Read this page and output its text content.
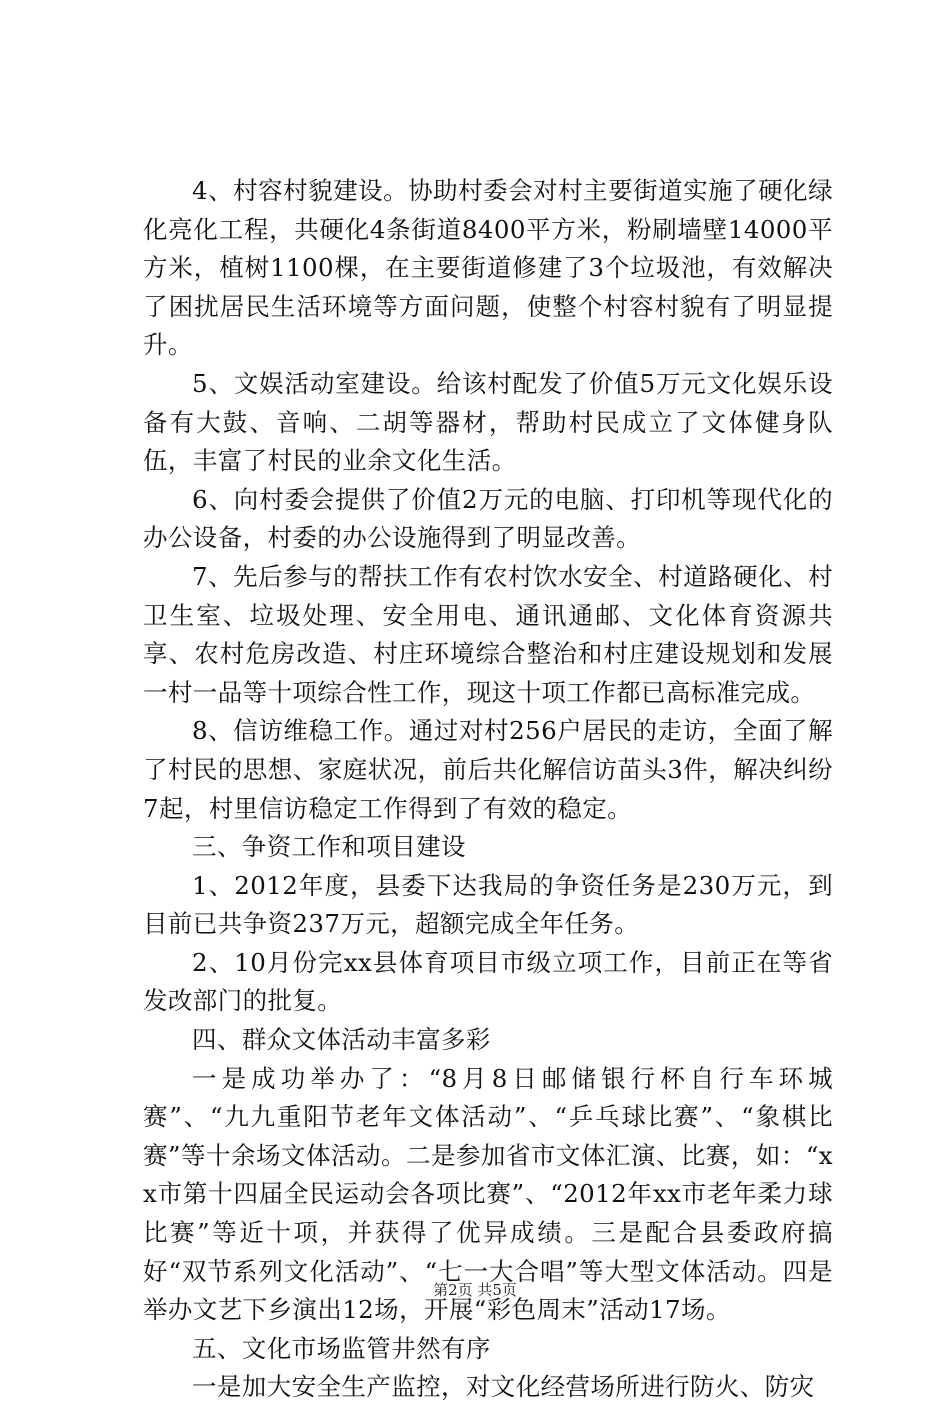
4、村容村貌建设。协助村委会对村主要街道实施了硬化绿化亮化工程，共硬化4条街道8400平方米，粉刷墙壁14000平方米，植树1100棵，在主要街道修建了3个垃圾池，有效解决了困扰居民生活环境等方面问题，使整个村容村貌有了明显提升。

5、文娱活动室建设。给该村配发了价值5万元文化娱乐设备有大鼓、音响、二胡等器材，帮助村民成立了文体健身队伍，丰富了村民的业余文化生活。

6、向村委会提供了价值2万元的电脑、打印机等现代化的办公设备，村委的办公设施得到了明显改善。

7、先后参与的帮扶工作有农村饮水安全、村道路硬化、村卫生室、垃圾处理、安全用电、通讯通邮、文化体育资源共享、农村危房改造、村庄环境综合整治和村庄建设规划和发展一村一品等十项综合性工作，现这十项工作都已高标准完成。

8、信访维稳工作。通过对村256户居民的走访，全面了解了村民的思想、家庭状况，前后共化解信访苗头3件，解决纠纷7起，村里信访稳定工作得到了有效的稳定。

三、争资工作和项目建设

1、2012年度，县委下达我局的争资任务是230万元，到目前已共争资237万元，超额完成全年任务。

2、10月份完xx县体育项目市级立项工作，目前正在等省发改部门的批复。

四、群众文体活动丰富多彩

一是成功举办了：“8月8日邮储银行杯自行车环城赛”、“九九重阳节老年文体活动”、“乒乓球比赛”、“象棋比赛”等十余场文体活动。二是参加省市文体汇演、比赛，如：“xx市第十四届全民运动会各项比赛”、“2012年xx市老年柔力球比赛”等近十项，并获得了优异成绩。三是配合县委政府搞好“双节系列文化活动”、“七一大合唱”等大型文体活动。四是举办文艺下乡演出12场，开展“彩色周末”活动17场。

五、文化市场监管井然有序

一是加大安全生产监控，对文化经营场所进行防火、防灾

第2页 共5页
